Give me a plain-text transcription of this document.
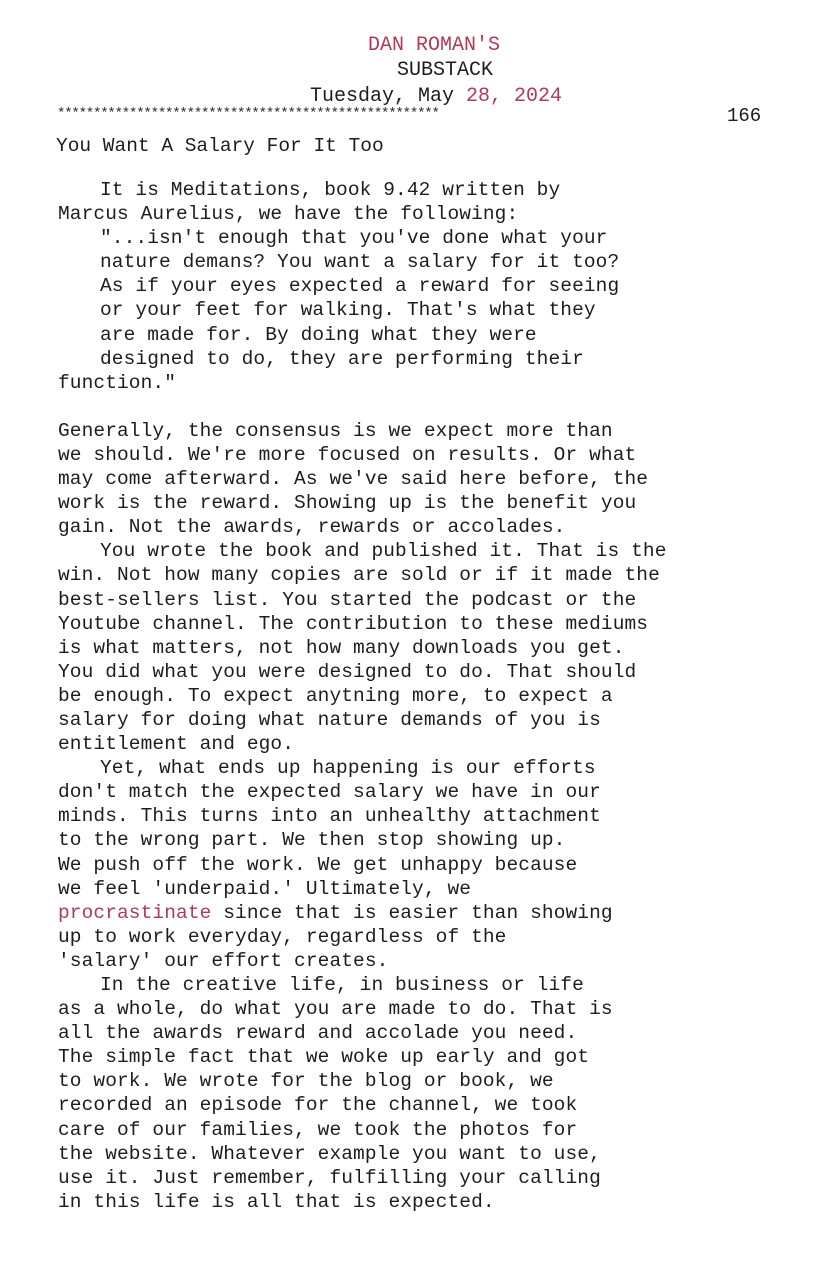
DAN ROMAN'S
SUBSTACK
Tuesday, May 28, 2024
*****************************************************	166
You Want A Salary For It Too
It is Meditations, book 9.42 written by
Marcus Aurelius, we have the following:
"...isn't enough that you've done what your
nature demans? You want a salary for it too?
As if your eyes expected a reward for seeing
or your feet for walking. That's what they
are made for. By doing what they were
designed to do, they are performing their
function."
Generally, the consensus is we expect more than
we should. We're more focused on results. Or what
may come afterward. As we've said here before, the
work is the reward. Showing up is the benefit you
gain. Not the awards, rewards or accolades.
You wrote the book and published it. That is the
win. Not how many copies are sold or if it made the
best-sellers list. You started the podcast or the
Youtube channel. The contribution to these mediums
is what matters, not how many downloads you get.
You did what you were designed to do. That should
be enough. To expect anytning more, to expect a
salary for doing what nature demands of you is
entitlement and ego.
Yet, what ends up happening is our efforts
don't match the expected salary we have in our
minds. This turns into an unhealthy attachment
to the wrong part. We then stop showing up.
We push off the work. We get unhappy because
we feel 'underpaid.' Ultimately, we
procrastinate since that is easier than showing
up to work everyday, regardless of the
'salary' our effort creates.
In the creative life, in business or life
as a whole, do what you are made to do. That is
all the awards reward and accolade you need.
The simple fact that we woke up early and got
to work. We wrote for the blog or book, we
recorded an episode for the channel, we took
care of our families, we took the photos for
the website. Whatever example you want to use,
use it. Just remember, fulfilling your calling
in this life is all that is expected.
